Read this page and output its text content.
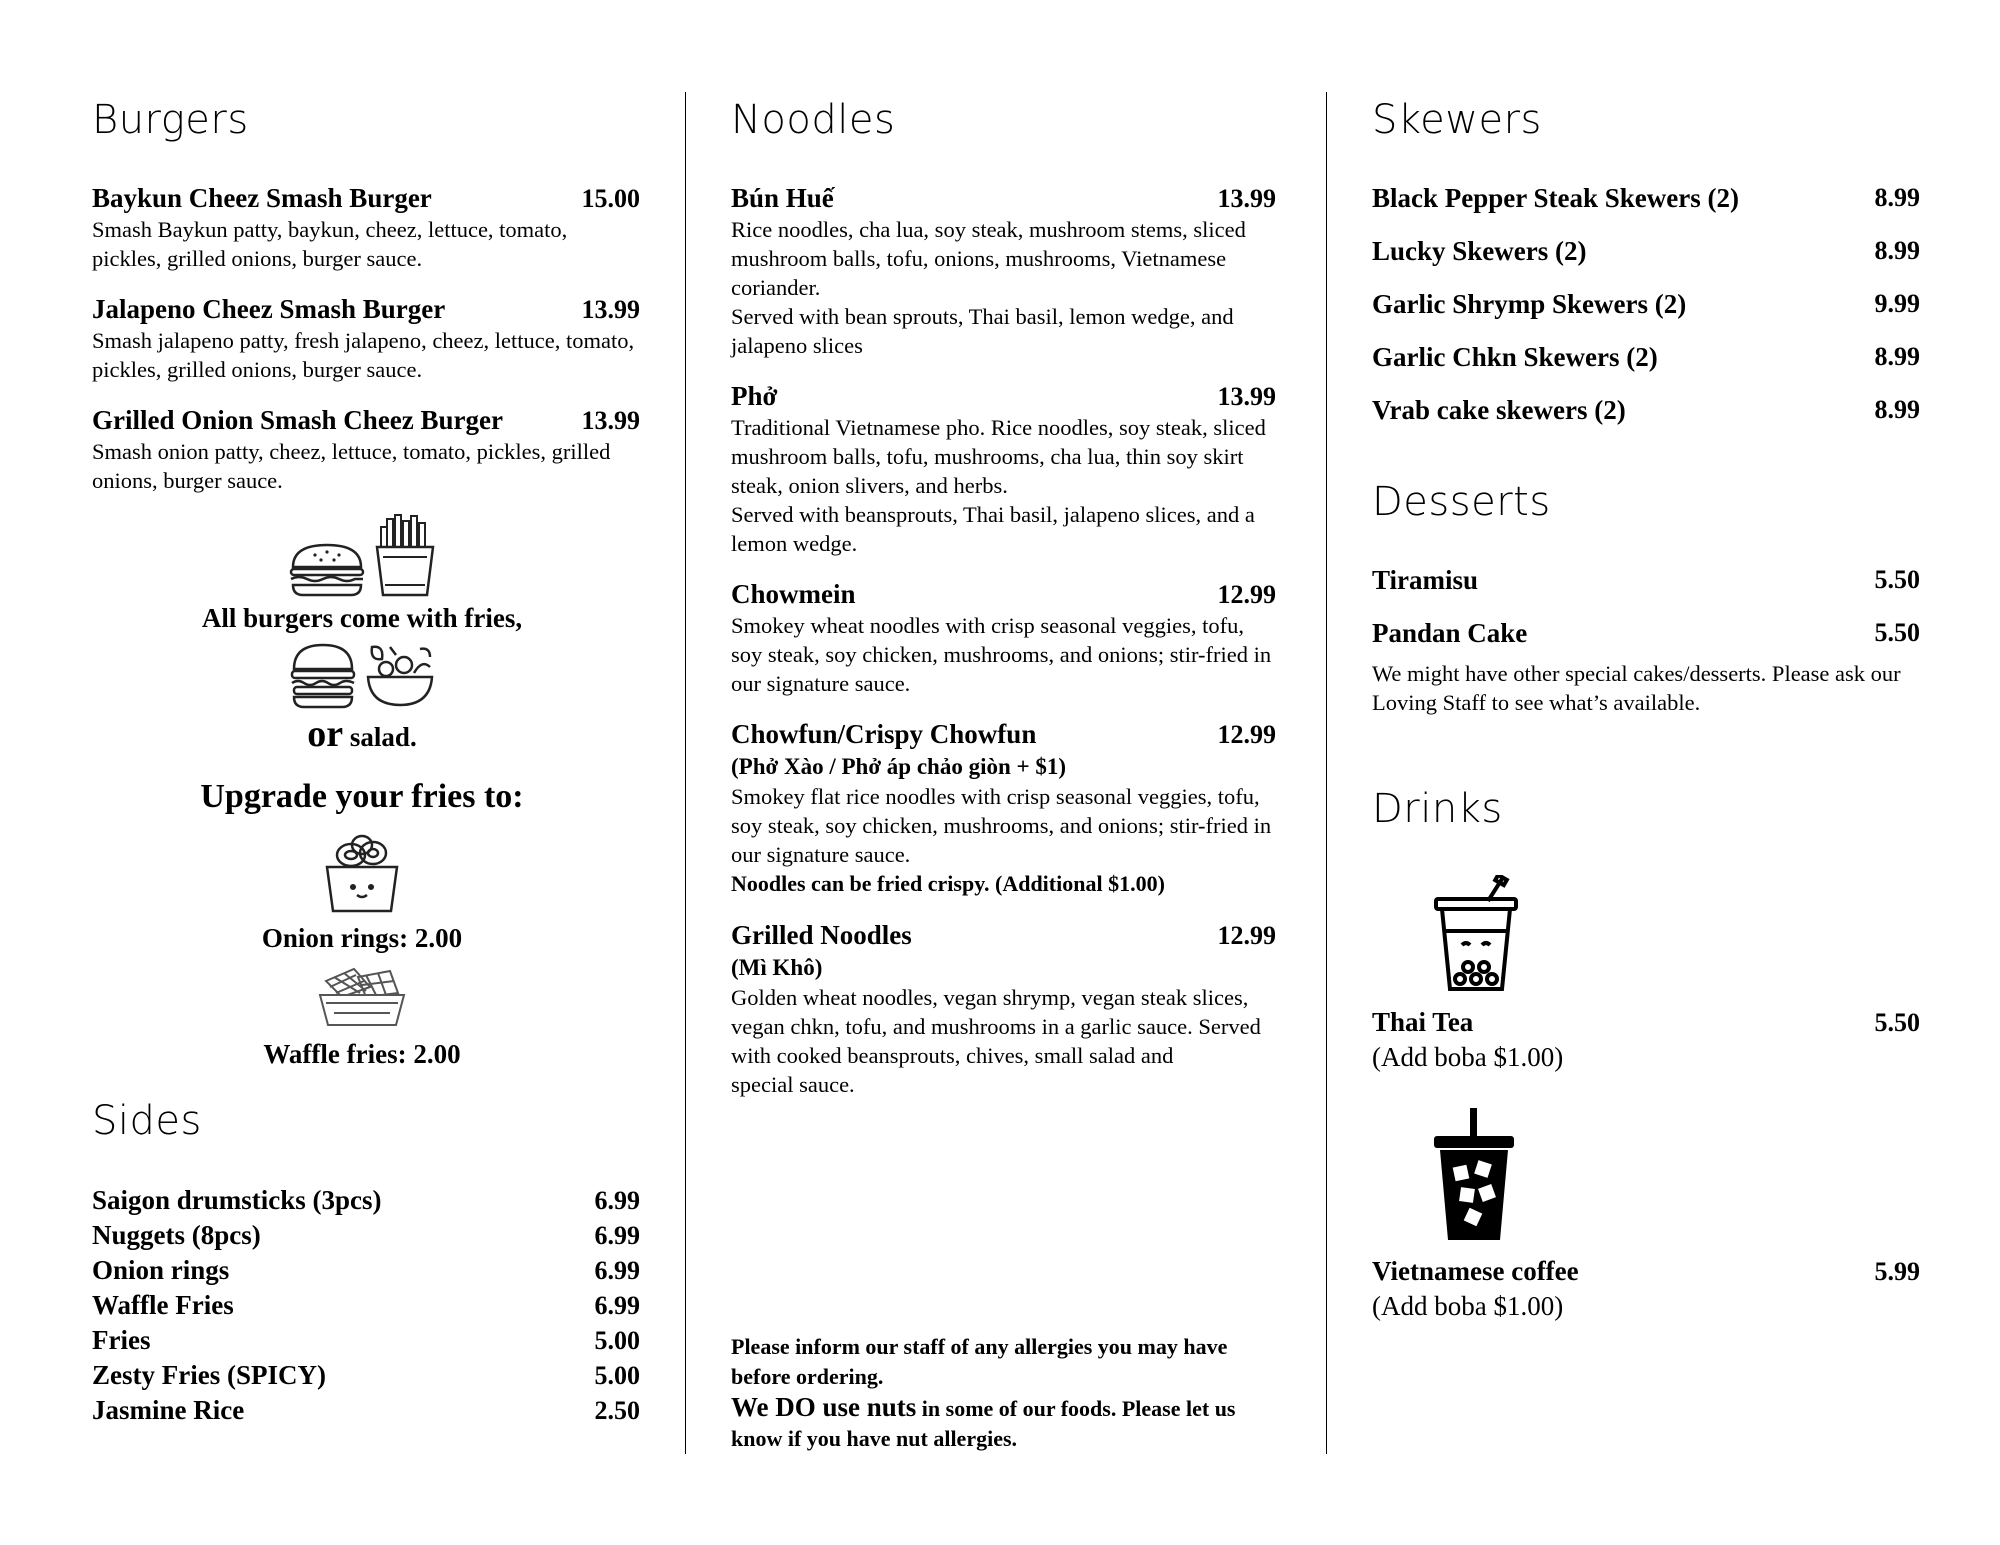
Burgers
Baykun Cheez Smash Burger	15.00
Smash Baykun patty, baykun, cheez, lettuce, tomato, pickles, grilled onions, burger sauce.
Jalapeno Cheez Smash Burger	13.99
Smash jalapeno patty, fresh jalapeno, cheez, lettuce, tomato, pickles, grilled onions, burger sauce.
Grilled Onion Smash Cheez Burger	13.99
Smash onion patty, cheez, lettuce, tomato, pickles, grilled onions, burger sauce.
All burgers come with fries,
or salad.
Upgrade your fries to:
Onion rings: 2.00
Waffle fries: 2.00
Sides
Saigon drumsticks (3pcs)	6.99
Nuggets (8pcs)	6.99
Onion rings	6.99
Waffle Fries	6.99
Fries	5.00
Zesty Fries (SPICY)	5.00
Jasmine Rice	2.50
Noodles
Bún Huế	13.99
Rice noodles, cha lua, soy steak, mushroom stems, sliced mushroom balls, tofu, onions, mushrooms, Vietnamese coriander.
Served with bean sprouts, Thai basil, lemon wedge, and jalapeno slices
Phở	13.99
Traditional Vietnamese pho. Rice noodles, soy steak, sliced mushroom balls, tofu, mushrooms, cha lua, thin soy skirt steak, onion slivers, and herbs.
Served with beansprouts, Thai basil, jalapeno slices, and a lemon wedge.
Chowmein	12.99
Smokey wheat noodles with crisp seasonal veggies, tofu, soy steak, soy chicken, mushrooms, and onions; stir-fried in our signature sauce.
Chowfun/Crispy Chowfun	12.99
(Phở Xào / Phở áp chảo giòn + $1)
Smokey flat rice noodles with crisp seasonal veggies, tofu, soy steak, soy chicken, mushrooms, and onions; stir-fried in our signature sauce.
Noodles can be fried crispy. (Additional $1.00)
Grilled Noodles	12.99
(Mì Khô)
Golden wheat noodles, vegan shrymp, vegan steak slices, vegan chkn, tofu, and mushrooms in a garlic sauce. Served with cooked beansprouts, chives, small salad and
special sauce.
Please inform our staff of any allergies you may have before ordering.
We DO use nuts in some of our foods. Please let us know if you have nut allergies.
Skewers
Black Pepper Steak Skewers (2)	8.99
Lucky Skewers (2)	8.99
Garlic Shrymp Skewers (2)	9.99
Garlic Chkn Skewers (2)	8.99
Vrab cake skewers (2)	8.99
Desserts
Tiramisu	5.50
Pandan Cake	5.50
We might have other special cakes/desserts. Please ask our Loving Staff to see what’s available.
Drinks
Thai Tea	5.50
(Add boba $1.00)
Vietnamese coffee	5.99
(Add boba $1.00)
